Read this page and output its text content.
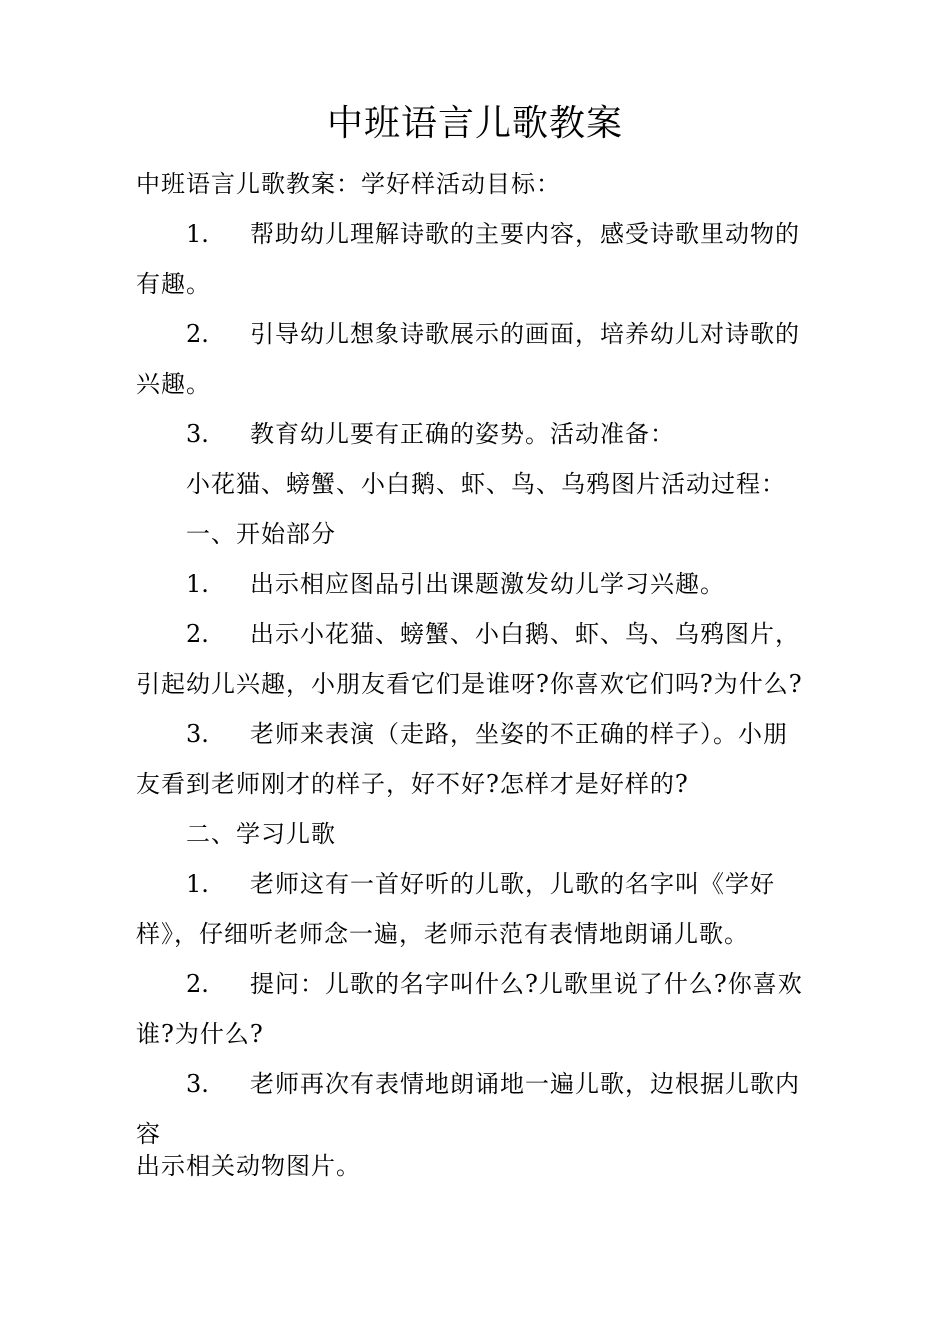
中班语言儿歌教案
中班语言儿歌教案：学好样活动目标：
1. 帮助幼儿理解诗歌的主要内容，感受诗歌里动物的
有趣。
2. 引导幼儿想象诗歌展示的画面，培养幼儿对诗歌的
兴趣。
3. 教育幼儿要有正确的姿势。活动准备：
小花猫、螃蟹、小白鹅、虾、鸟、乌鸦图片活动过程：
一、开始部分
1. 出示相应图品引出课题激发幼儿学习兴趣。
2. 出示小花猫、螃蟹、小白鹅、虾、鸟、乌鸦图片，
引起幼儿兴趣，小朋友看它们是谁呀?你喜欢它们吗?为什么?
3. 老师来表演（走路，坐姿的不正确的样子）。小朋
友看到老师刚才的样子，好不好?怎样才是好样的?
二、学习儿歌
1. 老师这有一首好听的儿歌，儿歌的名字叫《学好
样》，仔细听老师念一遍，老师示范有表情地朗诵儿歌。
2. 提问：儿歌的名字叫什么?儿歌里说了什么?你喜欢
谁?为什么?
3. 老师再次有表情地朗诵地一遍儿歌，边根据儿歌内
容
出示相关动物图片。
